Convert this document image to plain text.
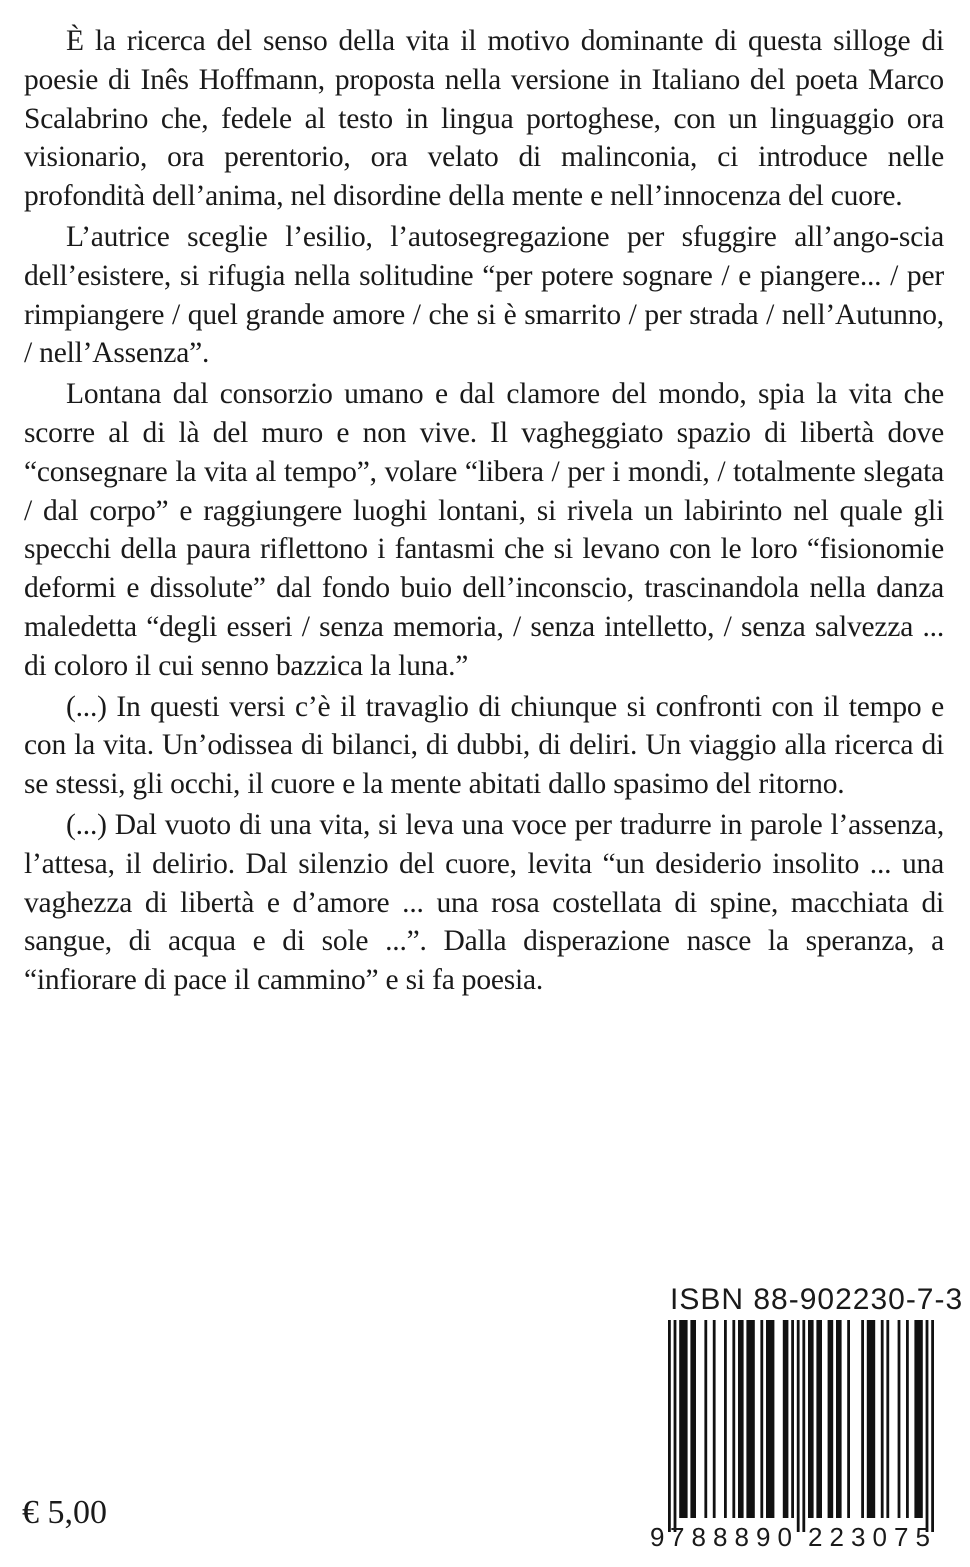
È la ricerca del senso della vita il motivo dominante di questa silloge di poesie di Inês Hoffmann, proposta nella versione in Italiano del poeta Marco Scalabrino che, fedele al testo in lingua portoghese, con un linguaggio ora visionario, ora perentorio, ora velato di malinconia, ci introduce nelle profondità dell’anima, nel disordine della mente e nell’innocenza del cuore.

L’autrice sceglie l’esilio, l’autosegregazione per sfuggire all’ango-scia dell’esistere, si rifugia nella solitudine “per potere sognare / e piangere... / per rimpiangere / quel grande amore / che si è smarrito / per strada / nell’Autunno, / nell’Assenza”.

Lontana dal consorzio umano e dal clamore del mondo, spia la vita che scorre al di là del muro e non vive. Il vagheggiato spazio di libertà dove “consegnare la vita al tempo”, volare “libera / per i mondi, / totalmente slegata / dal corpo” e raggiungere luoghi lontani, si rivela un labirinto nel quale gli specchi della paura riflettono i fantasmi che si levano con le loro “fisionomie deformi e dissolute” dal fondo buio dell’inconscio, trascinandola nella danza maledetta “degli esseri / senza memoria, / senza intelletto, / senza salvezza ... di coloro il cui senno bazzica la luna.”

(...) In questi versi c’è il travaglio di chiunque si confronti con il tempo e con la vita. Un’odissea di bilanci, di dubbi, di deliri. Un viaggio alla ricerca di se stessi, gli occhi, il cuore e la mente abitati dallo spasimo del ritorno.

(...) Dal vuoto di una vita, si leva una voce per tradurre in parole l’assenza, l’attesa, il delirio. Dal silenzio del cuore, levita “un desiderio insolito ... una vaghezza di libertà e d’amore ... una rosa costellata di spine, macchiata di sangue, di acqua e di sole ...”. Dalla disperazione nasce la speranza, a “infiorare di pace il cammino” e si fa poesia.

ISBN 88-902230-7-3
9 788890 223075
€ 5,00
